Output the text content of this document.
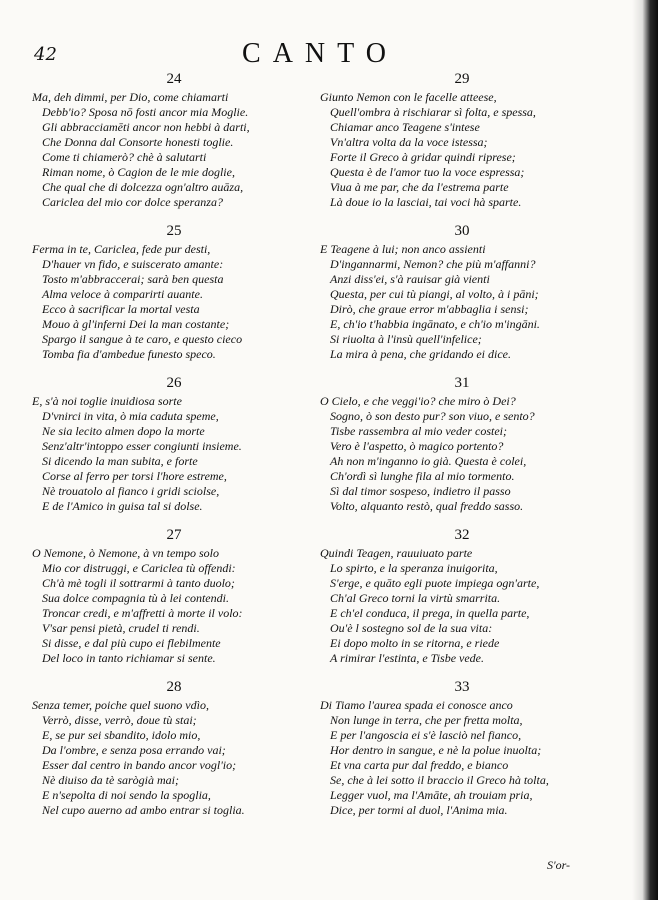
42	CANTO
24
Ma, deh dimmi, per Dio, come chiamarti
Debb'io? Sposa nō fosti ancor mia Moglie.
Gli abbracciamēti ancor non hebbi à darti,
Che Donna dal Consorte honesti toglie.
Come ti chiamerò? chè à salutarti
Riman nome, ò Cagion de le mie doglie,
Che qual che di dolcezza ogn'altro auāza,
Cariclea del mio cor dolce speranza?
25
Ferma in te, Cariclea, fede pur desti,
D'hauer vn fido, e suiscerato amante:
Tosto m'abbraccerai; sarà ben questa
Alma veloce à comparirti auante.
Ecco à sacrificar la mortal vesta
Mouo à gl'inferni Dei la man costante;
Spargo il sangue à te caro, e questo cieco
Tomba fia d'ambedue funesto speco.
26
E, s'à noi toglie inuidiosa sorte
D'vnirci in vita, ò mia caduta speme,
Ne sia lecito almen dopo la morte
Senz'altr'intoppo esser congiunti insieme.
Si dicendo la man subita, e forte
Corse al ferro per torsi l'hore estreme,
Nè trouatolo al fianco i gridi sciolse,
E de l'Amico in guisa tal si dolse.
27
O Nemone, ò Nemone, à vn tempo solo
Mio cor distruggi, e Cariclea tù offendi:
Ch'à mè togli il sottrarmi à tanto duolo;
Sua dolce compagnia tù à lei contendi.
Troncar credi, e m'affretti à morte il volo:
V'sar pensi pietà, crudel ti rendi.
Si disse, e dal più cupo ei flebilmente
Del loco in tanto richiamar si sente.
28
Senza temer, poiche quel suono vdìo,
Verrò, disse, verrò, doue tù stai;
E, se pur sei sbandito, idolo mio,
Da l'ombre, e senza posa errando vai;
Esser dal centro in bando ancor vogl'io;
Nè diuiso da tè sarògià mai;
E n'sepolta di noi sendo la spoglia,
Nel cupo auerno ad ambo entrar si toglia.
29
Giunto Nemon con le facelle atteese,
Quell'ombra à rischiarar sì folta, e spessa,
Chiamar anco Teagene s'intese
Vn'altra volta da la voce istessa;
Forte il Greco à gridar quindi riprese;
Questa è de l'amor tuo la voce espressa;
Viua à me par, che da l'estrema parte
Là doue io la lasciai, tai voci hà sparte.
30
E Teagene à lui; non anco assienti
D'ingannarmi, Nemon? che più m'affanni?
Anzi diss'ei, s'à rauisar già vienti
Questa, per cui tù piangi, al volto, à i pāni;
Dirò, che graue error m'abbaglia i sensi;
E, ch'io t'habbia ingānato, e ch'io m'ingāni.
Si riuolta à l'insù quell'infelice;
La mira à pena, che gridando ei dice.
31
O Cielo, e che veggi'io? che miro ò Dei?
Sogno, ò son desto pur? son viuo, e sento?
Tisbe rassembra al mio veder costei;
Vero è l'aspetto, ò magico portento?
Ah non m'inganno io già. Questa è colei,
Ch'ordì sì lunghe fila al mio tormento.
Sì dal timor sospeso, indietro il passo
Volto, alquanto restò, qual freddo sasso.
32
Quindi Teagen, rauuiuato parte
Lo spirto, e la speranza inuigorita,
S'erge, e quāto egli puote impiega ogn'arte,
Ch'al Greco torni la virtù smarrita.
E ch'el conduca, il prega, in quella parte,
Ou'è l sostegno sol de la sua vita:
Ei dopo molto in se ritorna, e riede
A rimirar l'estinta, e Tisbe vede.
33
Di Tiamo l'aurea spada ei conosce anco
Non lunge in terra, che per fretta molta,
E per l'angoscia ei s'è lasciò nel fianco,
Hor dentro in sangue, e nè la polue inuolta;
Et vna carta pur dal freddo, e bianco
Se, che à lei sotto il braccio il Greco hà tolta,
Legger vuol, ma l'Amāte, ah trouiam pria,
Dice, per tormi al duol, l'Anima mia.
S'or-
